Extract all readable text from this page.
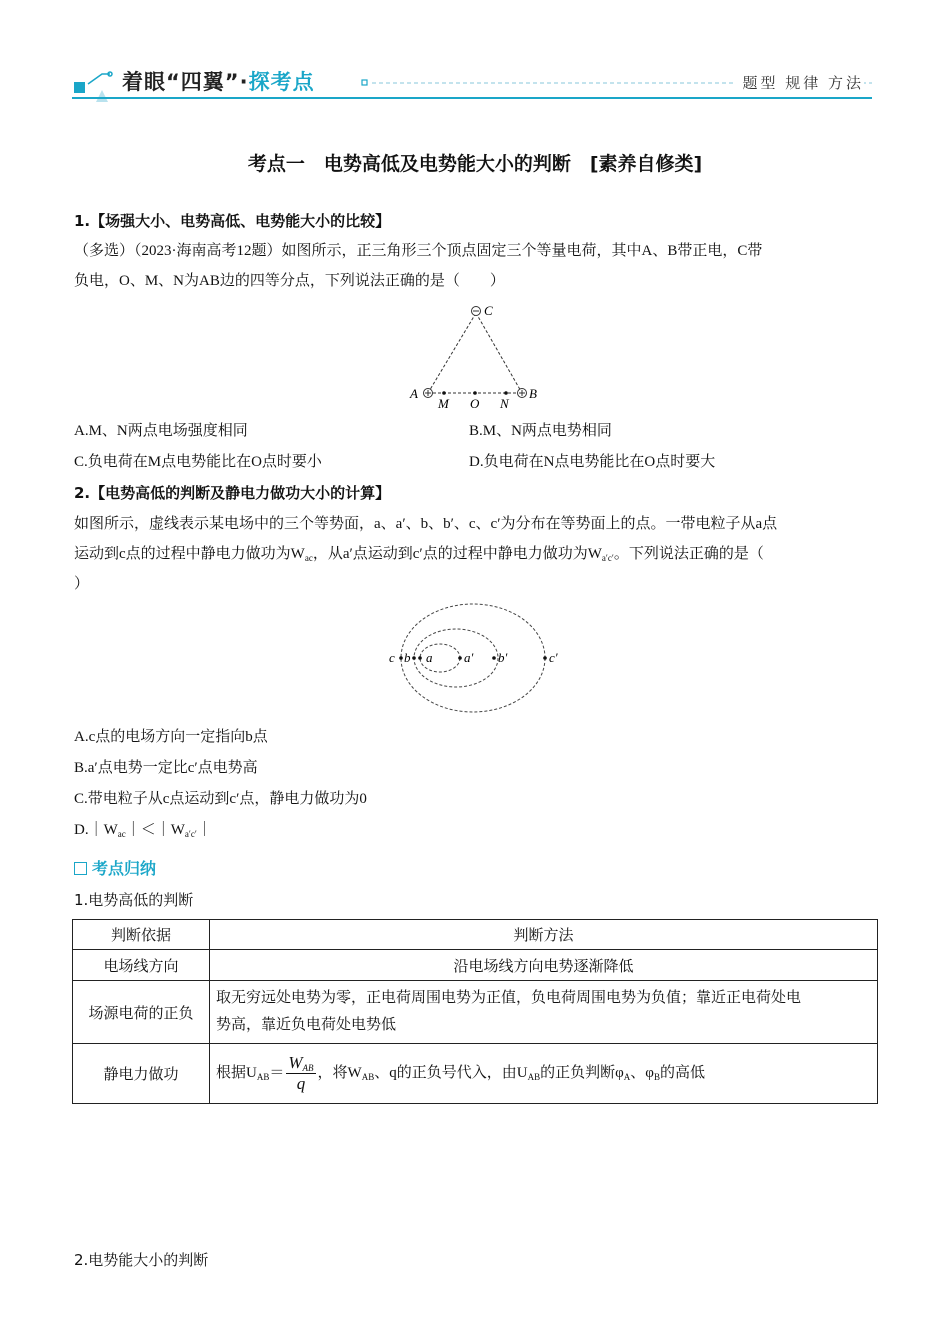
着眼“四翼”·探考点	题型 规律 方法
考点一　电势高低及电势能大小的判断　[素养自修类]
1.【场强大小、电势高低、电势能大小的比较】
（多选）（2023·海南高考12题）如图所示，正三角形三个顶点固定三个等量电荷，其中A、B带正电，C带
负电，O、M、N为AB边的四等分点，下列说法正确的是（　　）
C
A	B
M O N
A.M、N两点电场强度相同	B.M、N两点电势相同
C.负电荷在M点电势能比在O点时要小	D.负电荷在N点电势能比在O点时要大
2.【电势高低的判断及静电力做功大小的计算】
如图所示，虚线表示某电场中的三个等势面，a、a′、b、b′、c、c′为分布在等势面上的点。一带电粒子从a点
运动到c点的过程中静电力做功为$W_{ac}$，从a′点运动到c′点的过程中静电力做功为$W_{a'c'}$。下列说法正确的是（
）
c b a a′ b′	c′
A.c点的电场方向一定指向b点
B.a′点电势一定比c′点电势高
C.带电粒子从c点运动到c′点，静电力做功为0
$D.|W_{ac}|<|W_{a'c'}|$
考点归纳
1.电势高低的判断
判断依据	判断方法
电场线方向	沿电场线方向电势逐渐降低
场源电荷的正负	取无穷远处电势为零，正电荷周围电势为正值，负电荷周围电势为负值；靠近正电荷处电
势高，靠近负电荷处电势低

静电力做功	根据$U_{AB}= \frac{W_{AB}}{q}$ ，将$W_{AB}$、q的正负号代入，由$U_{AB}$的正负判断$\varphi_A$、$\varphi_B$的高低
2.电势能大小的判断
